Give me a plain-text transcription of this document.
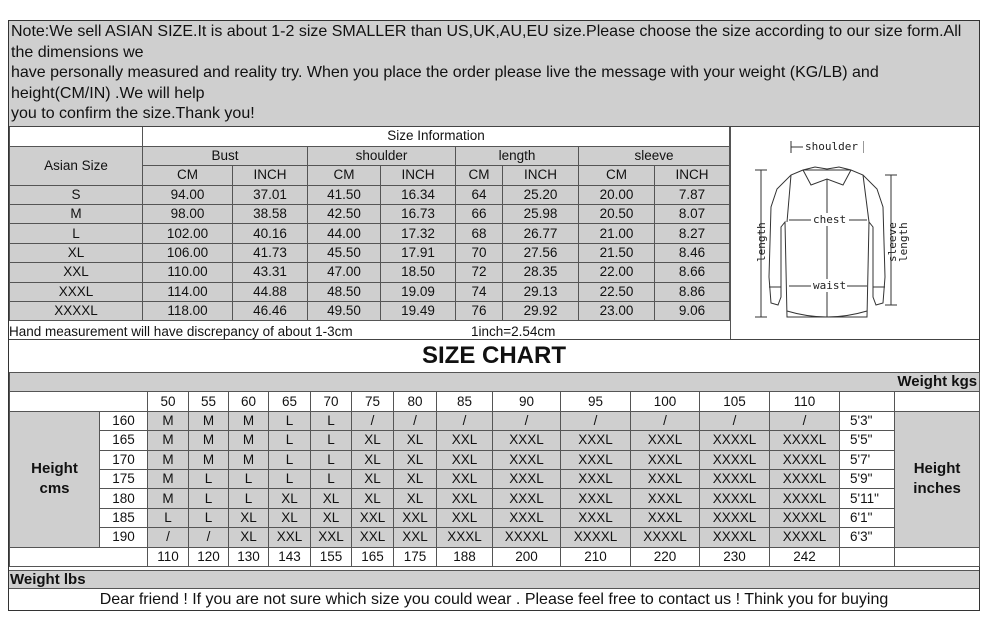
Note:We sell ASIAN SIZE.It is about 1-2 size SMALLER than US,UK,AU,EU size.Please choose the size according to our size form.All
the dimensions we
have personally measured and reality try. When you place the order please live the message with your weight (KG/LB) and
height(CM/IN) .We will help
you to confirm the size.Thank you!
	Size Information							
Asian Size	Bust		shoulder		length		sleeve	
	CM	INCH	CM	INCH	CM	INCH	CM	INCH
S	94.00	37.01	41.50	16.34	64	25.20	20.00	7.87
M	98.00	38.58	42.50	16.73	66	25.98	20.50	8.07
L	102.00	40.16	44.00	17.32	68	26.77	21.00	8.27
XL	106.00	41.73	45.50	17.91	70	27.56	21.50	8.46
XXL	110.00	43.31	47.00	18.50	72	28.35	22.00	8.66
XXXL	114.00	44.88	48.50	19.09	74	29.13	22.50	8.86
XXXXL	118.00	46.46	49.50	19.49	76	29.92	23.00	9.06
Hand measurement will have discrepancy of about 1-3cm	1inch=2.54cm
shoulder
chest
waist
length	sleeve
length
SIZE CHART
Weight kgs																
		50	55	60	65	70	75	80	85	90	95	100	105	110		
Height
cms	160	M	M	M	L	L	/	/	/	/	/	/	/	/	5'3"	Height
inches
	165	M	M	M	L	L	XL	XL	XXL	XXXL	XXXL	XXXL	XXXXL	XXXXL	5'5"	
	170	M	M	M	L	L	XL	XL	XXL	XXXL	XXXL	XXXL	XXXXL	XXXXL	5'7'	
	175	M	L	L	L	L	XL	XL	XXL	XXXL	XXXL	XXXL	XXXXL	XXXXL	5'9"	
	180	M	L	L	XL	XL	XL	XL	XXL	XXXL	XXXL	XXXL	XXXXL	XXXXL	5'11"	
	185	L	L	XL	XL	XL	XXL	XXL	XXL	XXXL	XXXL	XXXL	XXXXL	XXXXL	6'1"	
	190	/	/	XL	XXL	XXL	XXL	XXL	XXXL	XXXXL	XXXXL	XXXXL	XXXXL	XXXXL	6'3"	
		110	120	130	143	155	165	175	188	200	210	220	230	242		
Weight lbs
Dear friend ! If you are not sure which size you could wear . Please feel free to contact us ! Think you for buying
